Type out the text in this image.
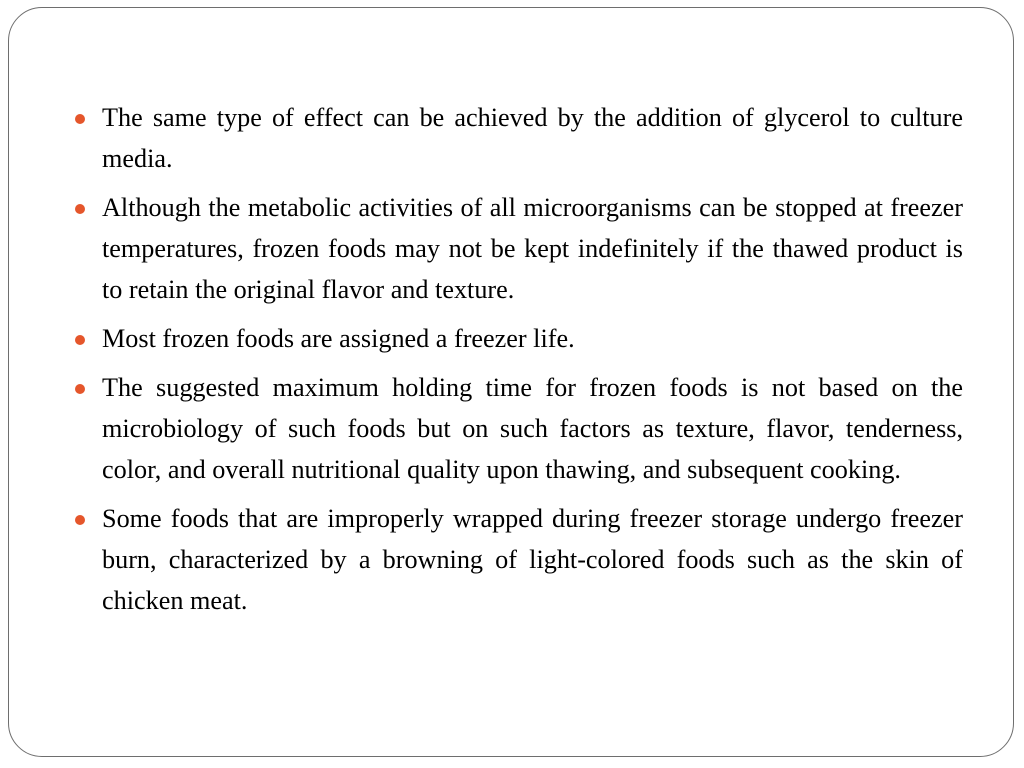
The same type of effect can be achieved by the addition of glycerol to culture media.
Although the metabolic activities of all microorganisms can be stopped at freezer temperatures, frozen foods may not be kept indefinitely if the thawed product is to retain the original flavor and texture.
Most frozen foods are assigned a freezer life.
The suggested maximum holding time for frozen foods is not based on the microbiology of such foods but on such factors as texture, flavor, tenderness, color, and overall nutritional quality upon thawing, and subsequent cooking.
Some foods that are improperly wrapped during freezer storage undergo freezer burn, characterized by a browning of light-colored foods such as the skin of chicken meat.
